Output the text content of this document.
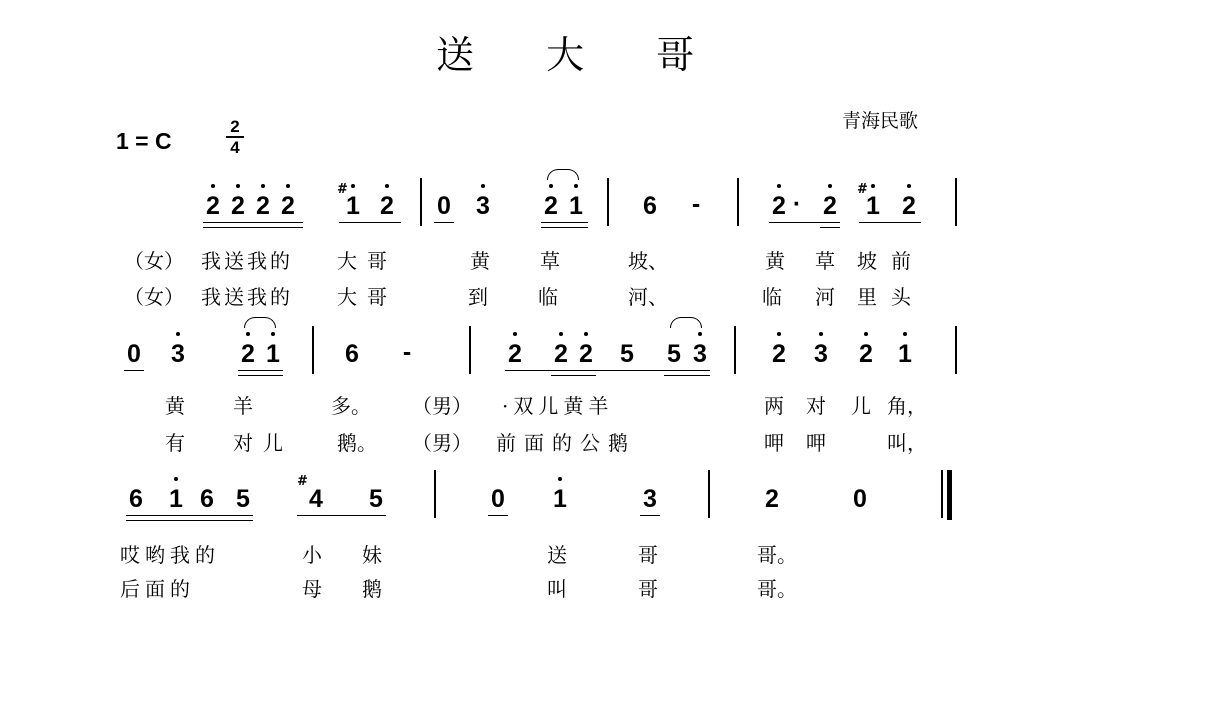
送 大 哥
青海民歌
1 = C
2
4
2 2 2 2
#
1 2 0 3 2 1 6 -	2 · 2
#
1 2
（女） 我送我的 大哥	黄	草	坡、	黄 草 坡前
（女） 我送我的 大哥	到	临	河、	临 河 里头
0 3 2 1	6 -	2 2 2 5 5 3	2 3 2 1
黄 羊	多。 （男） ·双儿黄羊	两 对 儿 角，
有 对 儿	鹅。 （男） 前面的公鹅	呷 呷	叫，
6 1 6 5
#
4 5	0 1	3	2	0
哎哟我的	小 妹	送	哥	哥。
后面的	母 鹅	叫	哥	哥。
